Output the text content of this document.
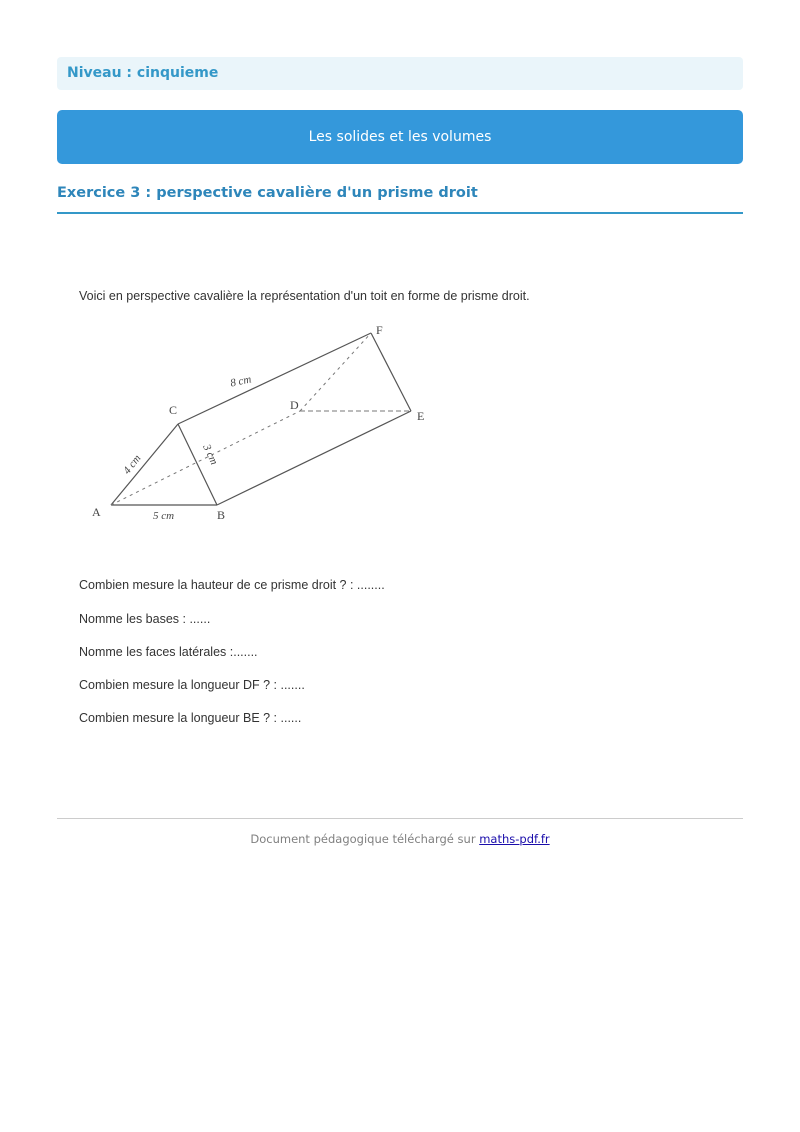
Niveau : cinquieme
Les solides et les volumes
Exercice 3 : perspective cavalière d'un prisme droit
Voici en perspective cavalière la représentation d'un toit en forme de prisme droit.
A	B
C	D
E
F
5 cm
8 cm
4 cm	3 cm
Combien mesure la hauteur de ce prisme droit ? : ........
Nomme les bases : ......
Nomme les faces latérales :.......
Combien mesure la longueur DF ? : .......
Combien mesure la longueur BE ? : ......
Document pédagogique téléchargé sur maths-pdf.fr
